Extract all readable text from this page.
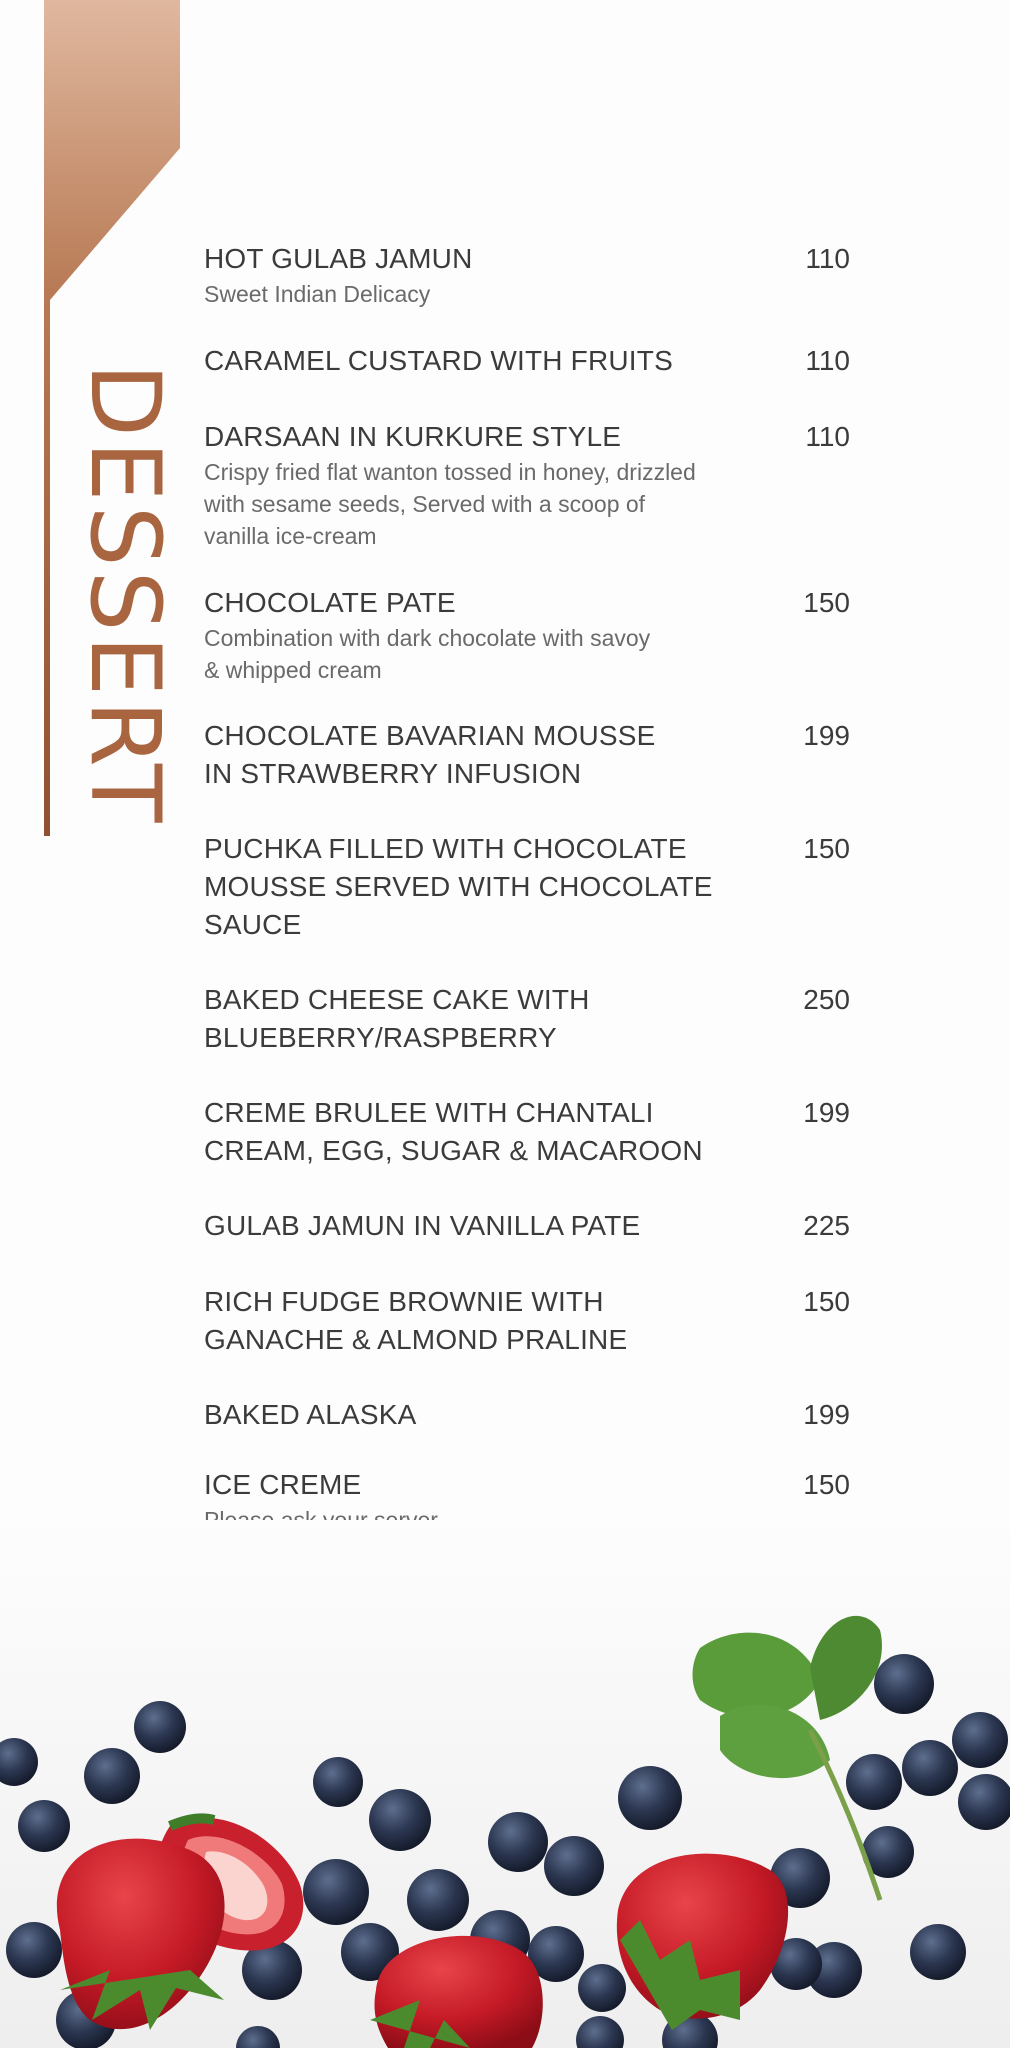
DESSERT
HOT GULAB JAMUN
Sweet Indian Delicacy
110
CARAMEL CUSTARD WITH FRUITS	110
DARSAAN IN KURKURE STYLE
Crispy fried flat wanton tossed in honey, drizzled
with sesame seeds, Served with a scoop of
vanilla ice-cream
110
CHOCOLATE PATE
Combination with dark chocolate with savoy
& whipped cream
150
CHOCOLATE BAVARIAN MOUSSE
IN STRAWBERRY INFUSION
199
PUCHKA FILLED WITH CHOCOLATE
MOUSSE SERVED WITH CHOCOLATE
SAUCE
150
BAKED CHEESE CAKE WITH
BLUEBERRY/RASPBERRY
250
CREME BRULEE WITH CHANTALI
CREAM, EGG, SUGAR & MACAROON
199
GULAB JAMUN IN VANILLA PATE	225
RICH FUDGE BROWNIE WITH
GANACHE & ALMOND PRALINE
150
BAKED ALASKA	199
ICE CREME	150
